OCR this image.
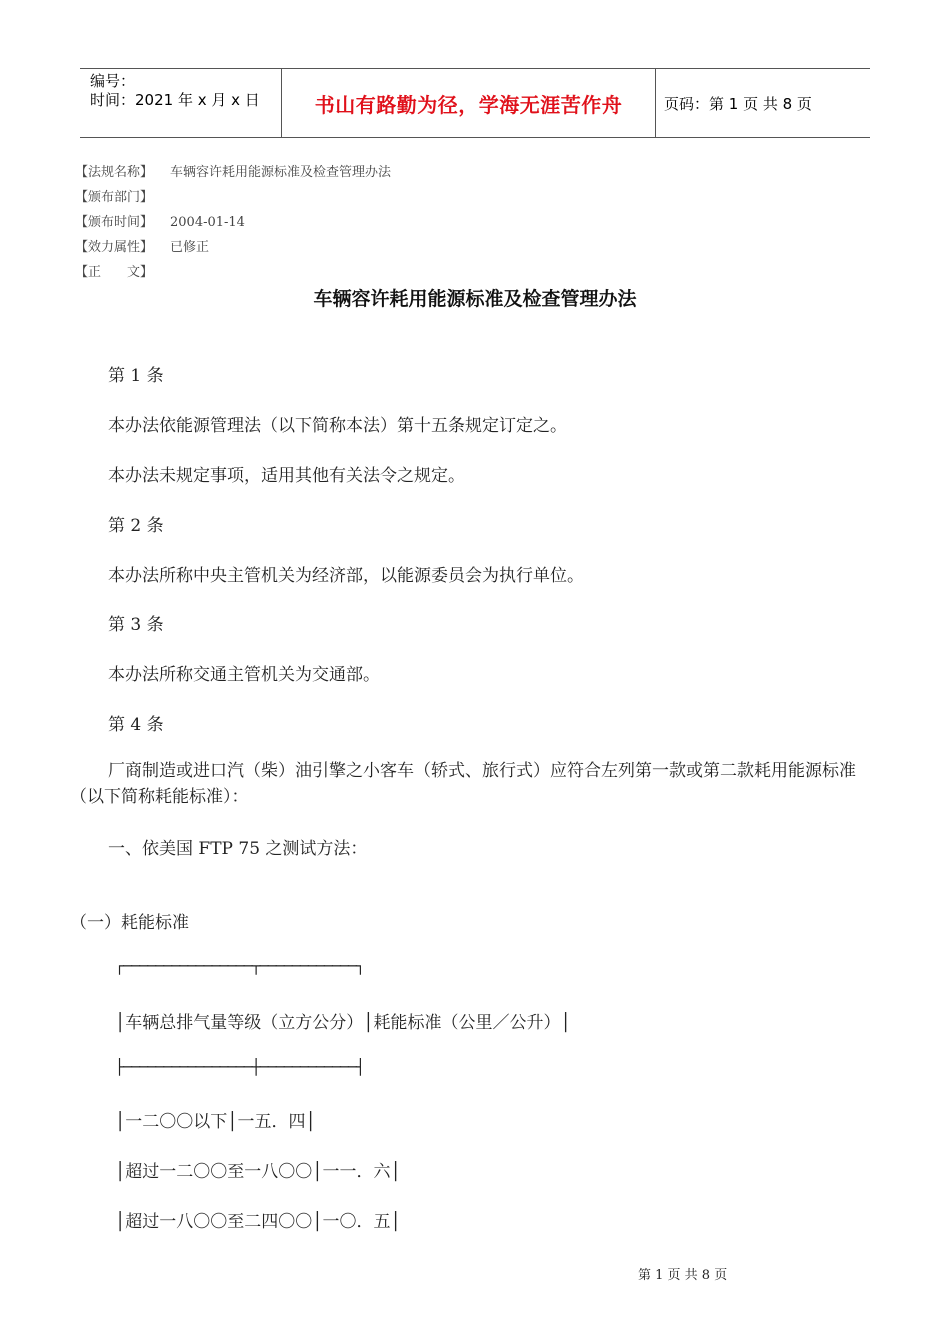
编号：
时间：2021 年 x 月 x 日	书山有路勤为径，学海无涯苦作舟	页码：第 1 页 共 8 页
【法规名称】 车辆容许耗用能源标准及检查管理办法
【颁布部门】
【颁布时间】 2004-01-14
【效力属性】 已修正
【正　　文】
车辆容许耗用能源标准及检查管理办法
第 1 条
本办法依能源管理法（以下简称本法）第十五条规定订定之。
本办法未规定事项，适用其他有关法令之规定。
第 2 条
本办法所称中央主管机关为经济部，以能源委员会为执行单位。
第 3 条
本办法所称交通主管机关为交通部。
第 4 条
厂商制造或进口汽（柴）油引擎之小客车（轿式、旅行式）应符合左列第一款或第二款耗用能源标准（以下简称耗能标准）：
一、依美国 FTP 75 之测试方法：
（一）耗能标准
┌────────────────┬────────────┐
│车辆总排气量等级（立方公分）│耗能标准（公里／公升）│
├────────────────┼────────────┤
│一二〇〇以下│一五．四│
│超过一二〇〇至一八〇〇│一一．六│
│超过一八〇〇至二四〇〇│一〇．五│
第 1 页 共 8 页
